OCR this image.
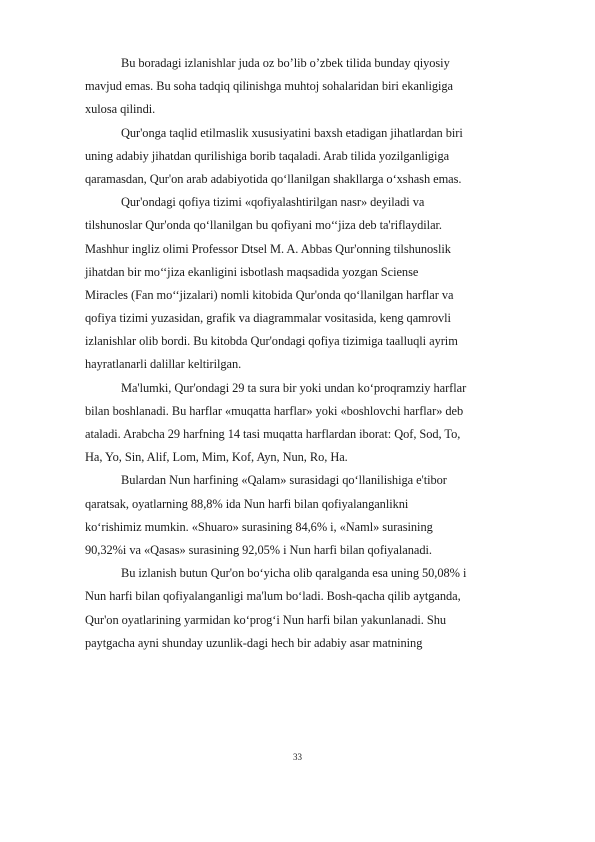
Bu boradagi izlanishlar juda oz bo’lib o’zbek tilida bunday qiyosiy
mavjud emas. Bu soha tadqiq qilinishga muhtoj sohalaridan biri ekanligiga
xulosa qilindi.
Qur'onga taqlid etilmaslik xususiyatini baxsh etadigan jihatlardan biri
uning adabiy jihatdan qurilishiga borib taqaladi. Arab tilida yozilganligiga
qaramasdan, Qur'on arab adabiyotida qo‘llanilgan shakllarga o‘xshash emas.
Qur'ondagi qofiya tizimi «qofiyalashtirilgan nasr» deyiladi va
tilshunoslar Qur'onda qo‘llanilgan bu qofiyani mo‘‘jiza deb ta'riflaydilar.
Mashhur ingliz olimi Professor Dtsel M. A. Abbas Qur'onning tilshunoslik
jihatdan bir mo‘‘jiza ekanligini isbotlash maqsadida yozgan Sciense
Miracles (Fan mo‘‘jizalari) nomli kitobida Qur'onda qo‘llanilgan harflar va
qofiya tizimi yuzasidan, grafik va diagrammalar vositasida, keng qamrovli
izlanishlar olib bordi. Bu kitobda Qur'ondagi qofiya tizimiga taalluqli ayrim
hayratlanarli dalillar keltirilgan.
Ma'lumki, Qur'ondagi 29 ta sura bir yoki undan ko‘proqramziy harflar
bilan boshlanadi. Bu harflar «muqatta harflar» yoki «boshlovchi harflar» deb
ataladi. Arabcha 29 harfning 14 tasi muqatta harflardan iborat: Qof, Sod, To,
Ha, Yo, Sin, Alif, Lom, Mim, Kof, Ayn, Nun, Ro, Ha.
Bulardan Nun harfining «Qalam» surasidagi qo‘llanilishiga e'tibor
qaratsak, oyatlarning 88,8% ida Nun harfi bilan qofiyalanganlikni
ko‘rishimiz mumkin. «Shuaro» surasining 84,6% i, «Naml» surasining
90,32%i va «Qasas» surasining 92,05% i Nun harfi bilan qofiyalanadi.
Bu izlanish butun Qur'on bo‘yicha olib qaralganda esa uning 50,08% i
Nun harfi bilan qofiyalanganligi ma'lum bo‘ladi. Bosh-qacha qilib aytganda,
Qur'on oyatlarining yarmidan ko‘prog‘i Nun harfi bilan yakunlanadi. Shu
paytgacha ayni shunday uzunlik-dagi hech bir adabiy asar matnining
33
